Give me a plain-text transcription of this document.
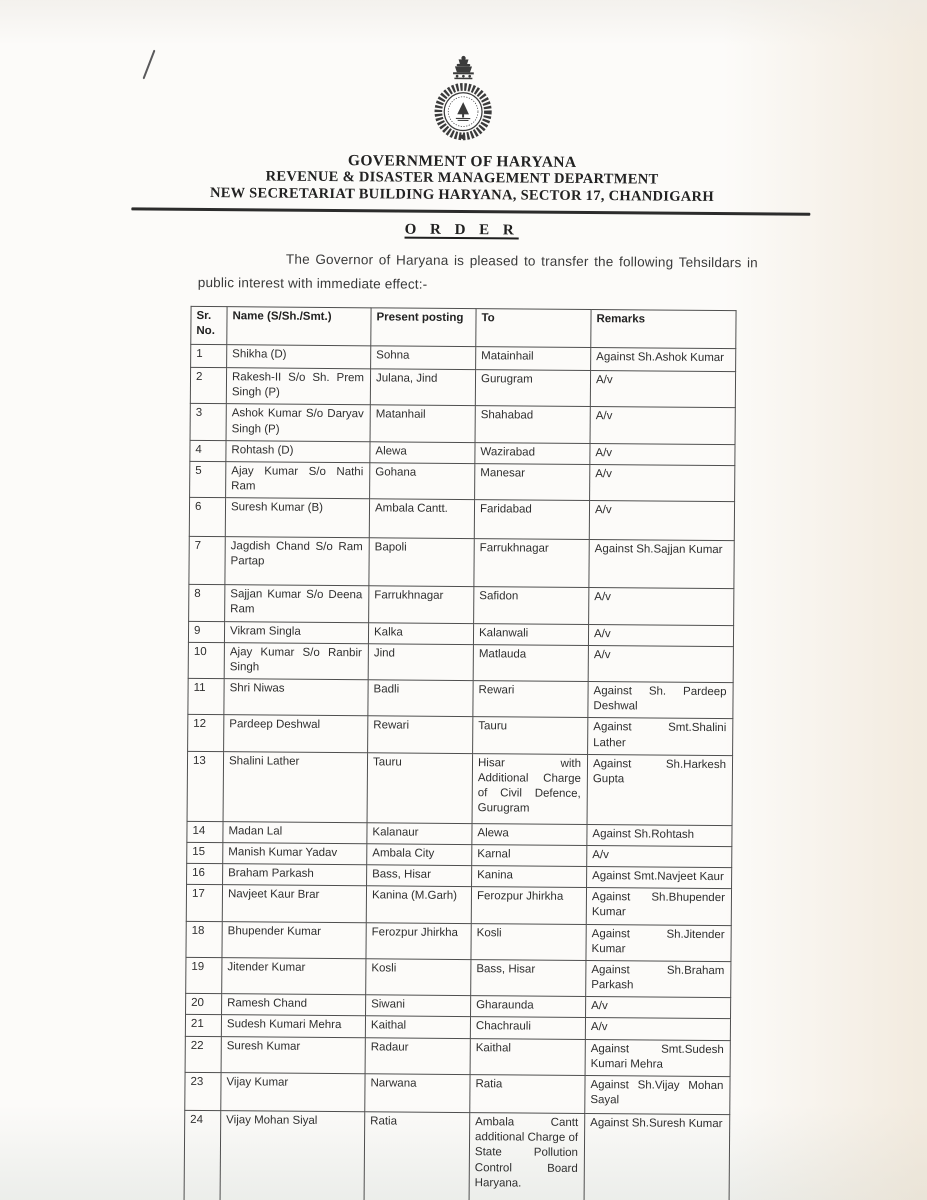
GOVERNMENT OF HARYANA
REVENUE & DISASTER MANAGEMENT DEPARTMENT
NEW SECRETARIAT BUILDING HARYANA, SECTOR 17, CHANDIGARH
O R D E R

The Governor of Haryana is pleased to transfer the following Tehsildars in public interest with immediate effect:-

Sr. No.	Name (S/Sh./Smt.)	Present posting	To	Remarks
1	Shikha (D)	Sohna	Matainhail	Against Sh.Ashok Kumar
2	Rakesh-II S/o Sh. Prem Singh (P)	Julana, Jind	Gurugram	A/v
3	Ashok Kumar S/o Daryav Singh (P)	Matanhail	Shahabad	A/v
4	Rohtash (D)	Alewa	Wazirabad	A/v
5	Ajay Kumar S/o Nathi Ram	Gohana	Manesar	A/v
6	Suresh Kumar (B)	Ambala Cantt.	Faridabad	A/v
7	Jagdish Chand S/o Ram Partap	Bapoli	Farrukhnagar	Against Sh.Sajjan Kumar
8	Sajjan Kumar S/o Deena Ram	Farrukhnagar	Safidon	A/v
9	Vikram Singla	Kalka	Kalanwali	A/v
10	Ajay Kumar S/o Ranbir Singh	Jind	Matlauda	A/v
11	Shri Niwas	Badli	Rewari	Against Sh. Pardeep Deshwal
12	Pardeep Deshwal	Rewari	Tauru	Against Smt.Shalini Lather
13	Shalini Lather	Tauru	Hisar with Additional Charge of Civil Defence, Gurugram	Against Sh.Harkesh Gupta
14	Madan Lal	Kalanaur	Alewa	Against Sh.Rohtash
15	Manish Kumar Yadav	Ambala City	Karnal	A/v
16	Braham Parkash	Bass, Hisar	Kanina	Against Smt.Navjeet Kaur
17	Navjeet Kaur Brar	Kanina (M.Garh)	Ferozpur Jhirkha	Against Sh.Bhupender Kumar
18	Bhupender Kumar	Ferozpur Jhirkha	Kosli	Against Sh.Jitender Kumar
19	Jitender Kumar	Kosli	Bass, Hisar	Against Sh.Braham Parkash
20	Ramesh Chand	Siwani	Gharaunda	A/v
21	Sudesh Kumari Mehra	Kaithal	Chachrauli	A/v
22	Suresh Kumar	Radaur	Kaithal	Against Smt.Sudesh Kumari Mehra
23	Vijay Kumar	Narwana	Ratia	Against Sh.Vijay Mohan Sayal
24	Vijay Mohan Siyal	Ratia	Ambala Cantt additional Charge of State Pollution Control Board Haryana.	Against Sh.Suresh Kumar
